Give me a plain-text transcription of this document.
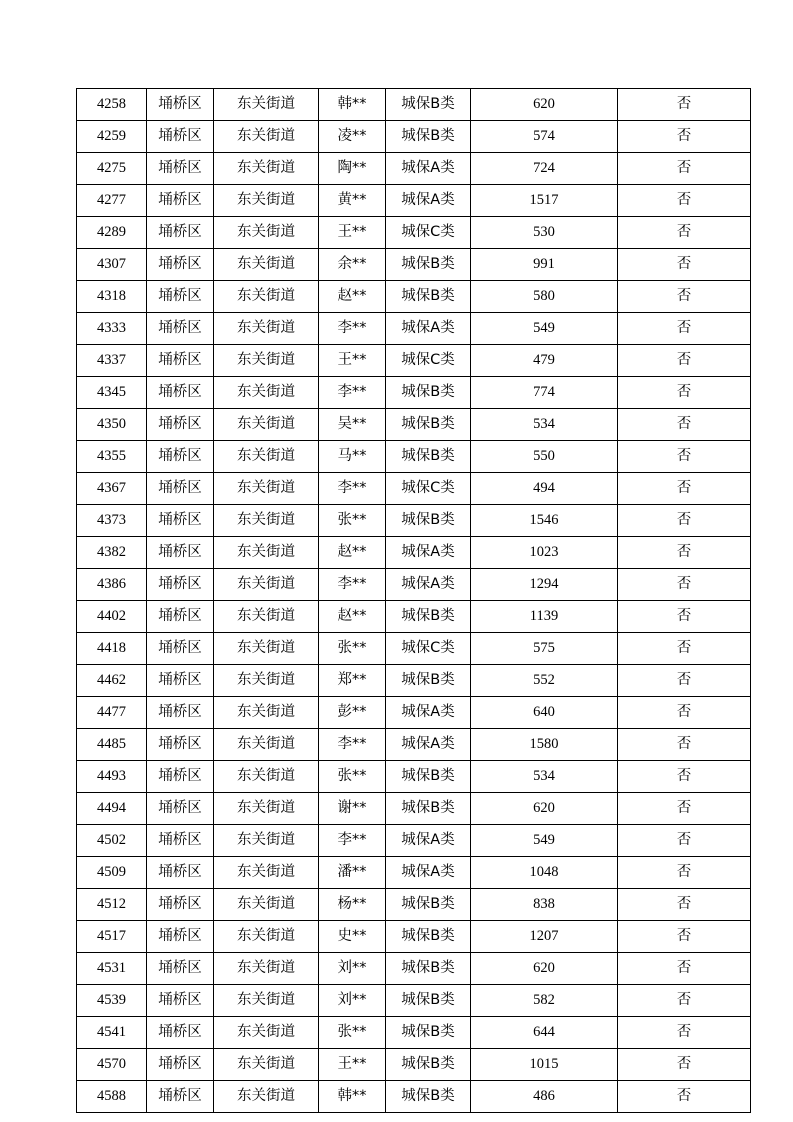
4258	埇桥区	东关街道	韩**	城保B类	620	否
4259	埇桥区	东关街道	凌**	城保B类	574	否
4275	埇桥区	东关街道	陶**	城保A类	724	否
4277	埇桥区	东关街道	黄**	城保A类	1517	否
4289	埇桥区	东关街道	王**	城保C类	530	否
4307	埇桥区	东关街道	余**	城保B类	991	否
4318	埇桥区	东关街道	赵**	城保B类	580	否
4333	埇桥区	东关街道	李**	城保A类	549	否
4337	埇桥区	东关街道	王**	城保C类	479	否
4345	埇桥区	东关街道	李**	城保B类	774	否
4350	埇桥区	东关街道	吴**	城保B类	534	否
4355	埇桥区	东关街道	马**	城保B类	550	否
4367	埇桥区	东关街道	李**	城保C类	494	否
4373	埇桥区	东关街道	张**	城保B类	1546	否
4382	埇桥区	东关街道	赵**	城保A类	1023	否
4386	埇桥区	东关街道	李**	城保A类	1294	否
4402	埇桥区	东关街道	赵**	城保B类	1139	否
4418	埇桥区	东关街道	张**	城保C类	575	否
4462	埇桥区	东关街道	郑**	城保B类	552	否
4477	埇桥区	东关街道	彭**	城保A类	640	否
4485	埇桥区	东关街道	李**	城保A类	1580	否
4493	埇桥区	东关街道	张**	城保B类	534	否
4494	埇桥区	东关街道	谢**	城保B类	620	否
4502	埇桥区	东关街道	李**	城保A类	549	否
4509	埇桥区	东关街道	潘**	城保A类	1048	否
4512	埇桥区	东关街道	杨**	城保B类	838	否
4517	埇桥区	东关街道	史**	城保B类	1207	否
4531	埇桥区	东关街道	刘**	城保B类	620	否
4539	埇桥区	东关街道	刘**	城保B类	582	否
4541	埇桥区	东关街道	张**	城保B类	644	否
4570	埇桥区	东关街道	王**	城保B类	1015	否
4588	埇桥区	东关街道	韩**	城保B类	486	否
